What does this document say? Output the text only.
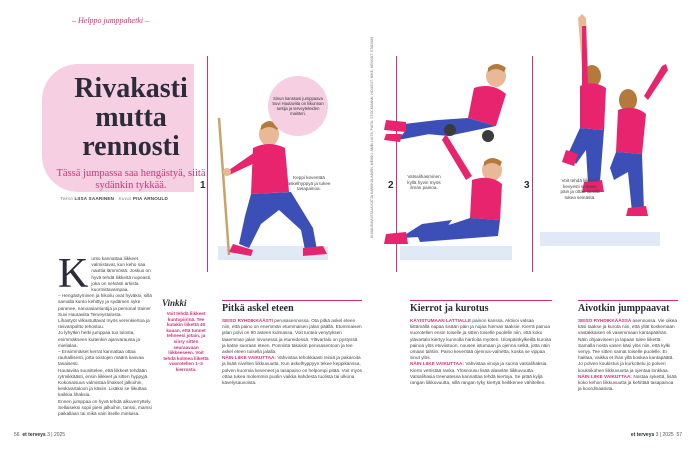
– Helppo jumppahetki –
Rivakasti mutta rennosti
Tässä jumpassa saa hengästyä, siitä sydänkin tykkää.
Teksti LIISA SAARINEN Kuvat PIIA ARNOULD
K unto kannattaa liikkeet valmistavat, kun keho saa nauttia lämmöstä. Joskus on hyvä tehdä liikkeitä nopeasti, joka on selvästi arkista kuormittavampaa.

– Hengästyminen ja hikoilu ovat hyväksi, sillä samalla kunto kehittyy ja sydämen syke paranee, nanoasiantuntija ja personal trainer Suvi Hautaviita Terveystalosta.

Lihastyöt vilkastuttavat myös verenkiertoa ja rasvanpoltto tehostuu.

Jo lyhytkin hetki jumppaa tuo tulosta, enimmäkseen kuitenkin ajanvarausta ja mielialaa.

– Ensimmäiset kerrat kannattaa ottaa rauhallisesti, jotta toistojen määrä kasvaa tasaisesti.

Hautaviita suosittelee, että liikkeet tehdään rytmikkäästi, ensin liikkeet ja sitten hyppyjä. Kokonaisuus valmistaa lihakset jalkoihin, keskivartaloon ja käsiin. Lisäksi se liikuttaa kaikkia lihaksia.

Ennen jumppaa on hyvä tehdä alkuverryttely. Sellaiseksi sopii pieni jalkoihin, tanssi, marssi paikallaan tai mikä vain itselle mieluisa.

Vinkki
Voit tehdä liikkeet kuntopiirinä. Tee kutakin liikettä 40 kauan, että tunnet tehneesi jotain, ja siirry sitten seuraavaan liikkeeseen. Voit tehdä kolmea liikettä vuorotellen 1–3 kierrosta.
1
Sinun kanssasi jumppaava Suvi Hautaviita on liikunnan tuntija ja terveyteleiden maisteri.
Keppi keventää askelhyppyä ja tukee tasapainoa.
Pitkä askel eteen

SEISO RYHDIKKÄÄSTI perusasennossa. Ota pitkä askel eteen niin, että paino on enemmän etummaisen jalan päällä. Etummaisen jalan polvi on 90 asteen kulmassa. Voit tuntea venytyksen taaemman jalan nivusessa ja etureidessä. Ylävartalo on pystyssä ja katse suoraan eteen. Ponnista takaisin perusasentoon ja tee askel eteen toisella jalalla.

NÄIN LIIKE VAIKUTTAA: Vahvistaa tehokkaasti reisiä ja pakaroita ja lisää nivelten liikkuvuutta. Kun askelhyppyyn tekee keppikanssa, polven kuormia keveneet ja tasapaino on helpompi pitää. Voit myös ottaa tukea molemmin puolin vaikka kahdesta tuolista tai ulkona kävelysauvoista.

56 et terveys 3 | 2025
KUVAUSAVUSTAJA KATJA KARKKULAINEN, MEIKKI: AMBI LIUTA, PAITA: STOCKMANN, HOUSUT: NIKE, KENGÄT: STADIUM 2
Vatsalihasminen kyllä hyvin myös ilman painoa.
Kierrot ja kurotus

KÄYISTUMAAN LATTIALLE painon kanssa. Aktivoi vatsaa liittämällä napaa sisään päin ja nojaa hieman taaksie. Kierrä painoa vuorotellen ensin toiselle ja sitten toiselle puolelle niin, että koko ylävartalo kiertyy kunnolla hartioita myöten. Ulospäinkylkeillä kuroita painoa ylös etuviistoon, nousee istumaan ja ojenna selkä, jotta näin omaan tahtiin. Paino keventää ojennus-vaihetta, koska se vippaa sinut ylös.

NÄIN LIIKE VAIKUTTAA: Vahvistaa vinoja ja suoria vatsalihaksia. Kierto vetristää ranka. Ylösnousu lisää alaselän liikkuvuutta. Vatsalihasia treenatessa kannattaa tehdä kiertoja. Se pitää kyljä rangan liikkuvuutta, sillä rangan tyky kiertyä heikkenee vähitellen.

3	Voit tehdä liikkeen kevyesti seinään päin ja ottaa käsillä tukea seinästä.
Aivotkin jumppaavat

SEISO RYHDIKKÄÄSSÄ asennossa. Vie oikea käsi taakse ja kurota niin, että yllät koskemaan vastakkaisen eli vasemmaan kantapäähän. Näin ohjaaviseen ja lapaan tulee liikettä. Samalla nosta vasen käsi ylös niin, että kylki venyy. Tee sitten samat toiselle puolelle. Ei haittaa, vaikka et ihan yllä koskea kantapäätä. Jo polven koukistus ja kurkottelu jo polven kouksikohen liikkuvuutta ja ojentaa lonkkaa.

NÄIN LIIKE VAIKUTTAA: Nostaa sykettä, lisää koko kehon liikkuvuutta ja kehittää tasapainoa ja koordinaatiota.

et terveys 3 | 2025 57
